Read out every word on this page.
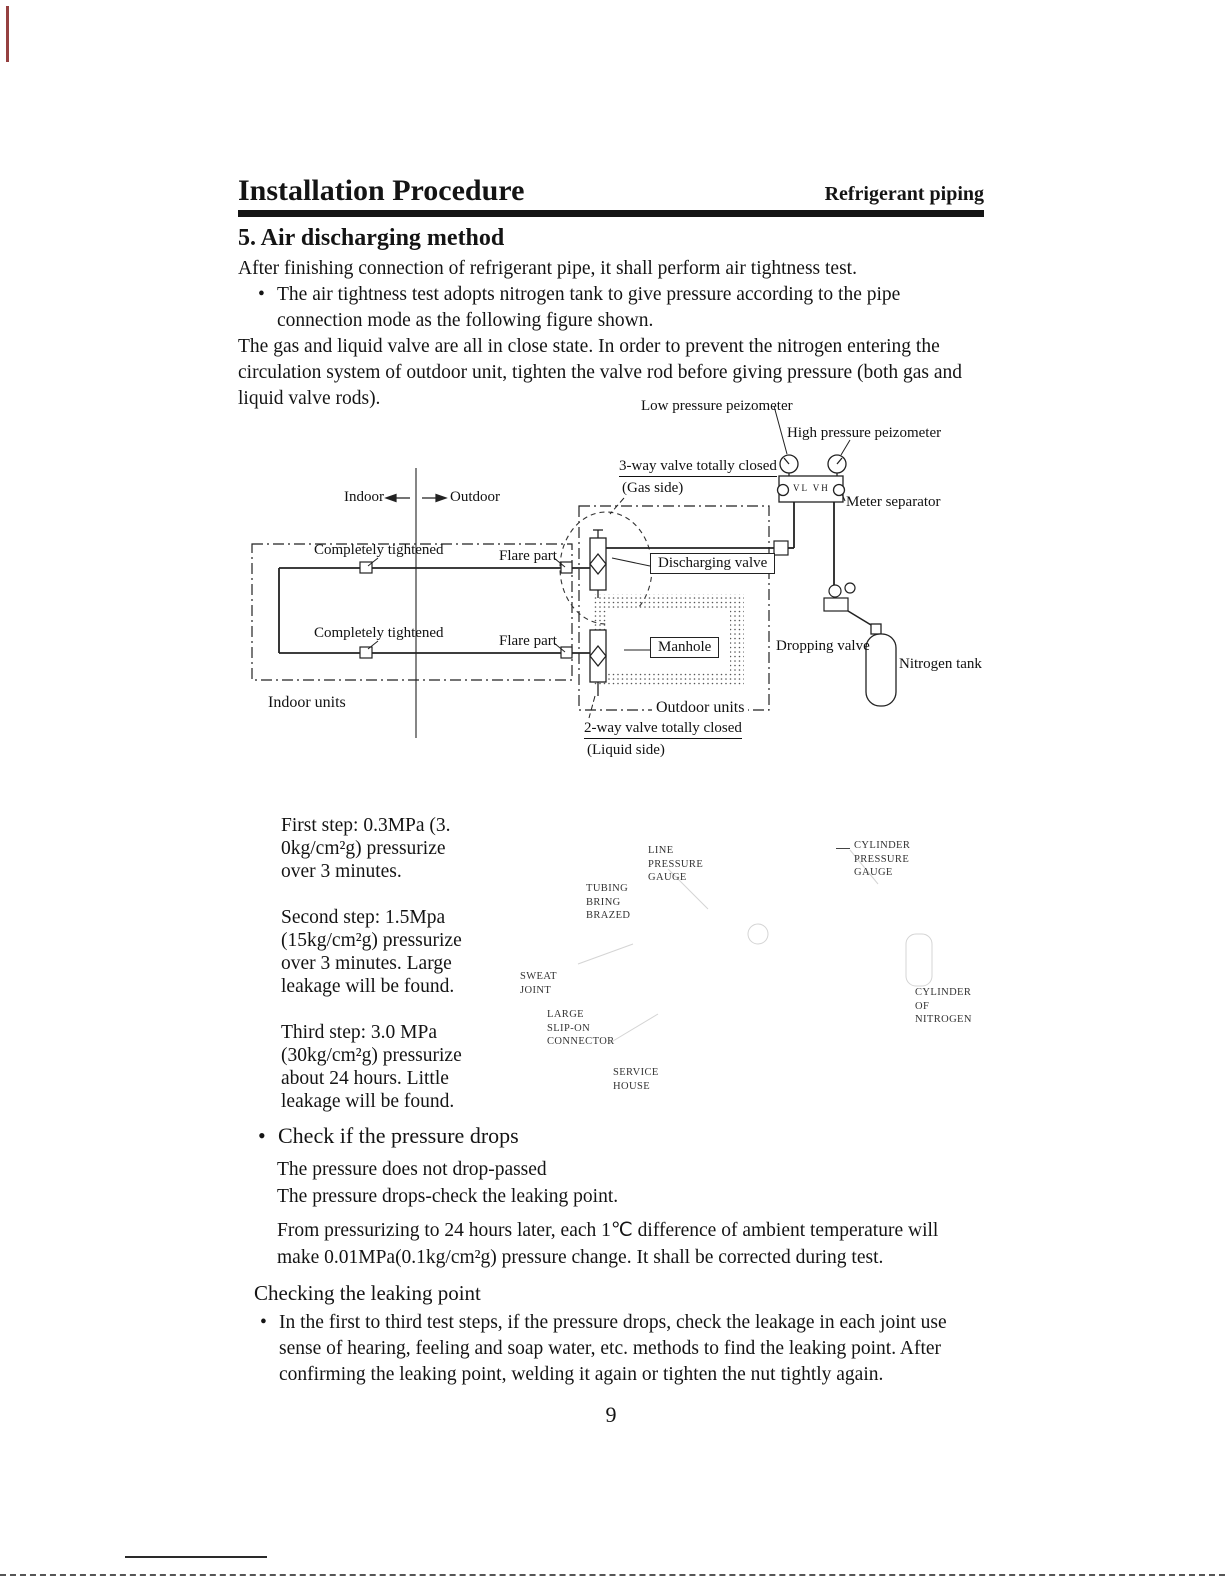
Installation Procedure	Refrigerant piping
5. Air discharging method

After finishing connection of refrigerant pipe, it shall perform air tightness test.

• The air tightness test adopts nitrogen tank to give pressure according to the pipe connection mode as the following figure shown.

The gas and liquid valve are all in close state. In order to prevent the nitrogen entering the circulation system of outdoor unit, tighten the valve rod before giving pressure (both gas and liquid valve rods).	Low pressure peizometer
High pressure peizometer
3-way valve totally closed
(Gas side)
Meter separator
VL VH
Indoor	Outdoor
Completely tightened
Completely tightened
Flare part
Flare part
Discharging valve
Manhole	Dropping valve
Nitrogen tank
Indoor units	Outdoor units
2-way valve totally closed
(Liquid side)

First step: 0.3MPa (3. 0kg/cm²g) pressurize over 3 minutes.

Second step: 1.5Mpa (15kg/cm²g) pressurize over 3 minutes. Large leakage will be found.

Third step: 3.0 MPa (30kg/cm²g) pressurize about 24 hours. Little leakage will be found.

LINE
PRESSURE
GAUGE
CYLINDER
PRESSURE
GAUGE
TUBING
BRING
BRAZED
SWEAT
JOINT
LARGE
SLIP-ON
CONNECTOR
SERVICE
HOUSE
CYLINDER
OF
NITROGEN
• Check if the pressure drops
The pressure does not drop-passed
The pressure drops-check the leaking point.

From pressurizing to 24 hours later, each 1℃ difference of ambient temperature will make 0.01MPa(0.1kg/cm²g) pressure change. It shall be corrected during test.

Checking the leaking point
• In the first to third test steps, if the pressure drops, check the leakage in each joint use sense of hearing, feeling and soap water, etc. methods to find the leaking point. After confirming the leaking point, welding it again or tighten the nut tightly again.

9
